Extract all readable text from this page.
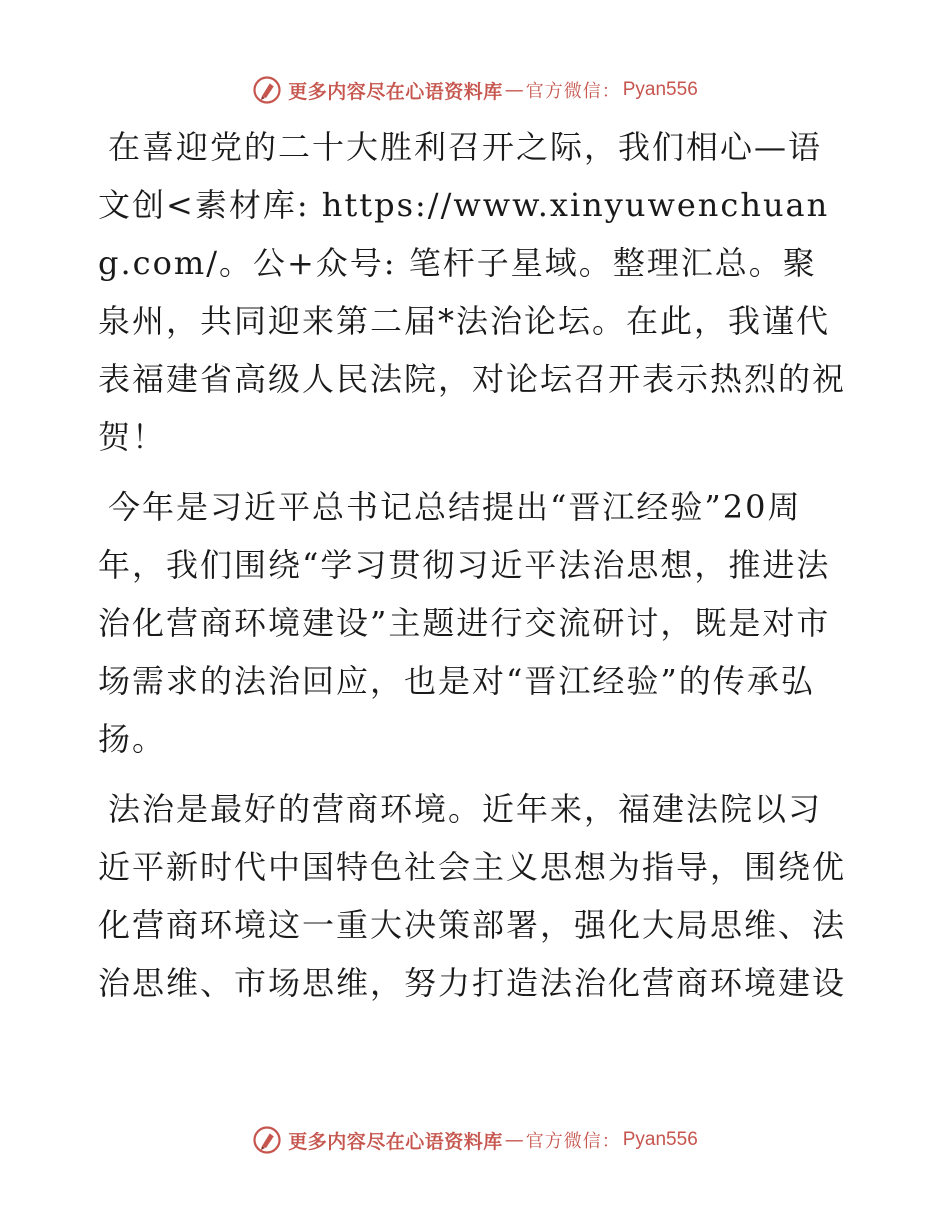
更多内容尽在心语资料库 — 官方微信： Pyan556

在喜迎党的二十大胜利召开之际，我们相心—语文创<素材库: https://www.xinyuwenchuang.com/。公+众号: 笔杆子星域。整理汇总。聚泉州，共同迎来第二届*法治论坛。在此，我谨代表福建省高级人民法院，对论坛召开表示热烈的祝贺！

今年是习近平总书记总结提出“晋江经验”20周年，我们围绕“学习贯彻习近平法治思想，推进法治化营商环境建设”主题进行交流研讨，既是对市场需求的法治回应，也是对“晋江经验”的传承弘扬。

法治是最好的营商环境。近年来，福建法院以习近平新时代中国特色社会主义思想为指导，围绕优化营商环境这一重大决策部署，强化大局思维、法治思维、市场思维，努力打造法治化营商环境建设

更多内容尽在心语资料库 — 官方微信： Pyan556
